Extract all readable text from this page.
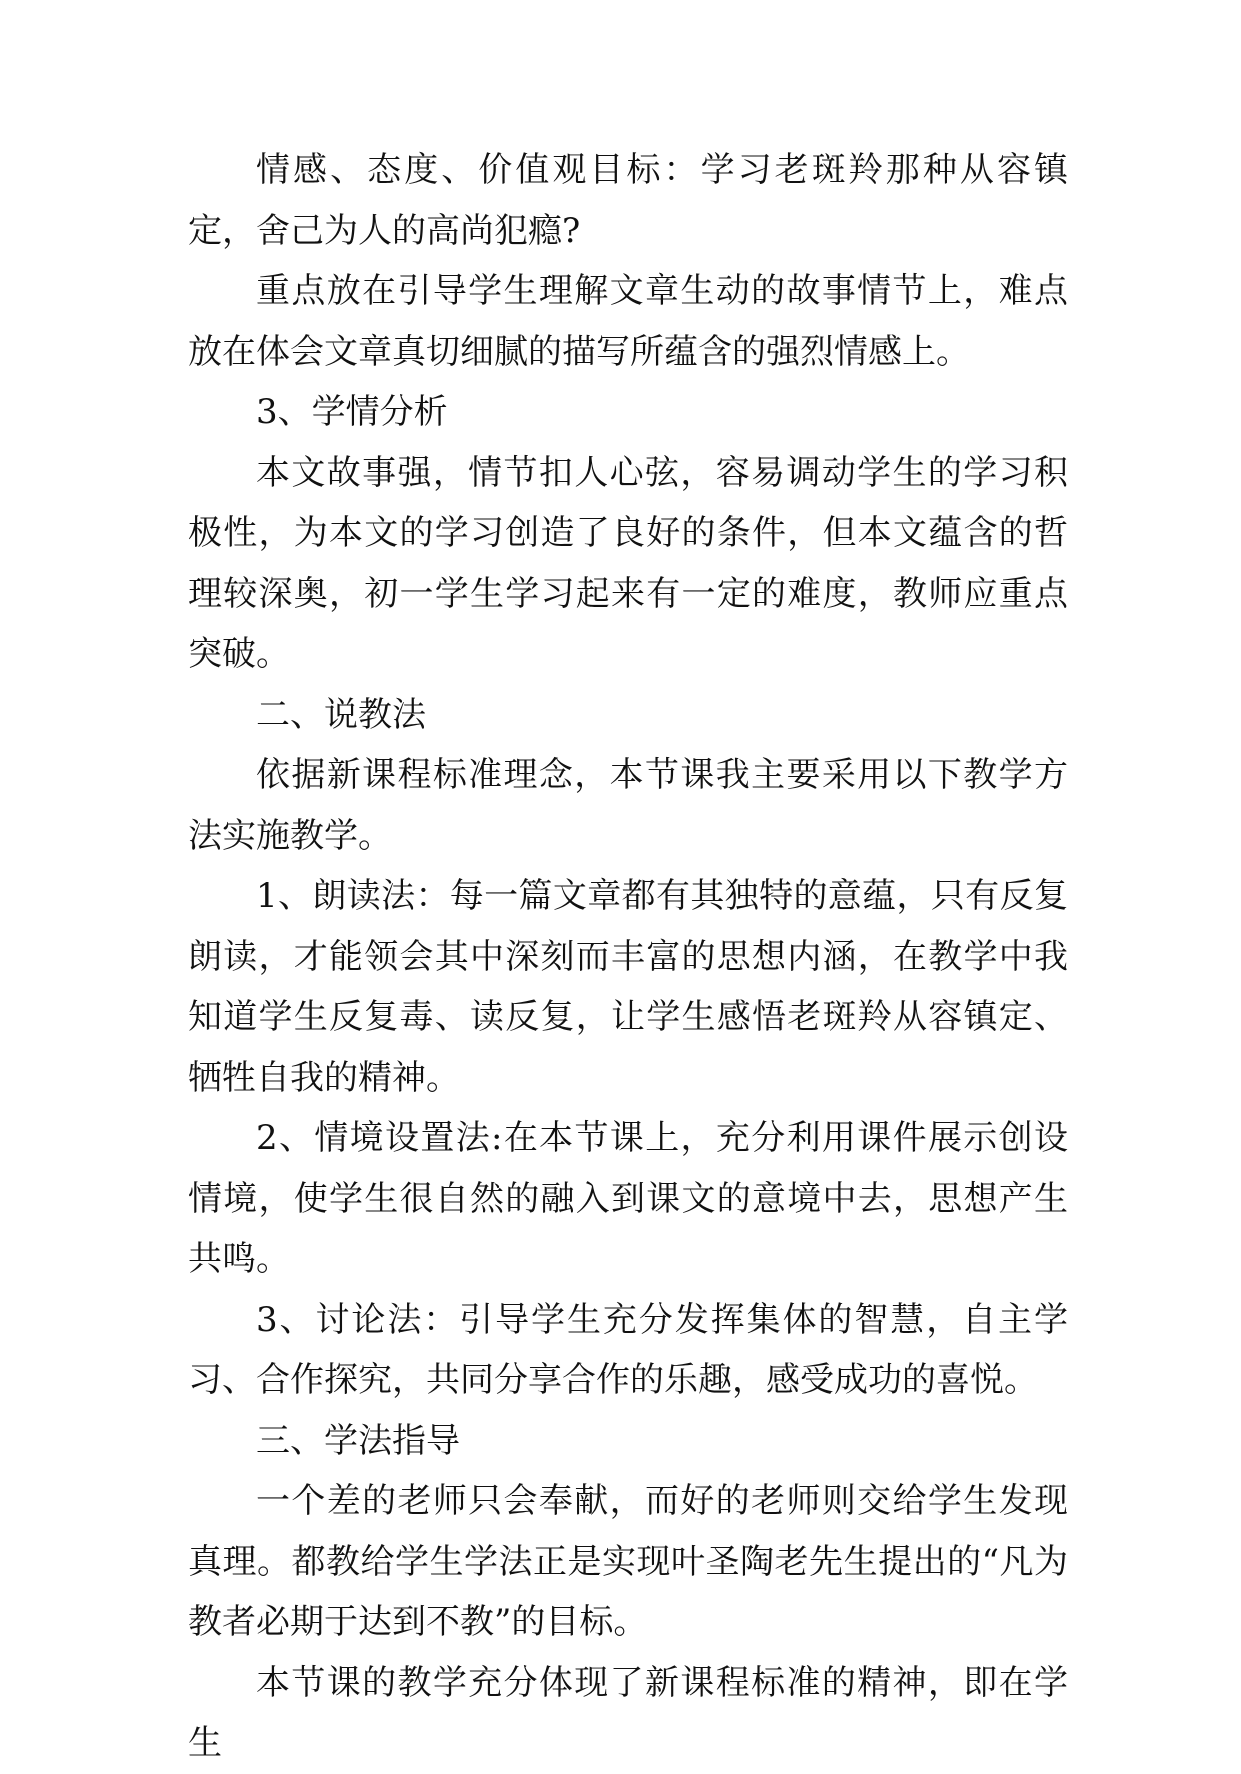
情感、态度、价值观目标：学习老斑羚那种从容镇定，舍己为人的高尚犯瘾?

重点放在引导学生理解文章生动的故事情节上，难点放在体会文章真切细腻的描写所蕴含的强烈情感上。

3、学情分析

本文故事强，情节扣人心弦，容易调动学生的学习积极性，为本文的学习创造了良好的条件，但本文蕴含的哲理较深奥，初一学生学习起来有一定的难度，教师应重点突破。

二、说教法

依据新课程标准理念，本节课我主要采用以下教学方法实施教学。

1、朗读法：每一篇文章都有其独特的意蕴，只有反复朗读，才能领会其中深刻而丰富的思想内涵，在教学中我知道学生反复毒、读反复，让学生感悟老斑羚从容镇定、牺牲自我的精神。

2、情境设置法:在本节课上，充分利用课件展示创设情境，使学生很自然的融入到课文的意境中去，思想产生共鸣。

3、讨论法：引导学生充分发挥集体的智慧，自主学习、合作探究，共同分享合作的乐趣，感受成功的喜悦。

三、学法指导

一个差的老师只会奉献，而好的老师则交给学生发现真理。都教给学生学法正是实现叶圣陶老先生提出的“凡为教者必期于达到不教”的目标。

本节课的教学充分体现了新课程标准的精神，即在学生
